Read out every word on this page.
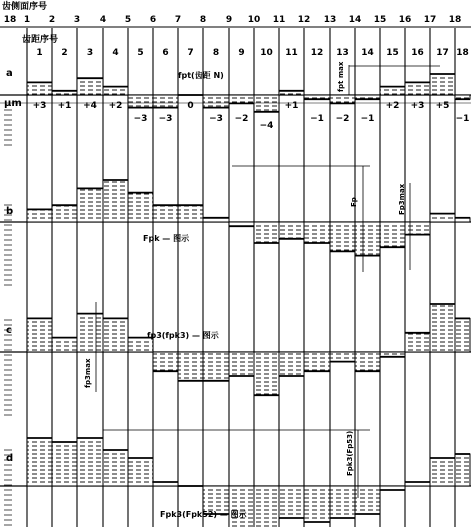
齿侧面序号
18 1 2 3 4 5 6 7 8 9 10 11 12 13 14 15 16 17 18
齿距序号
1 2 3 4 5 6 7 8 9 10 11 12 13 14 15 16 17 18
a
μm
b
c
d
+3 +1 +4 +2
−3 −3
0
−3 −2
−4
+1
−1 −2 −1
+2 +3 +5
−1
fpt(齿距 N)	fpt max
Fpk — 图示
Fp	Fp3max
fp3(fpk3) — 图示
fp3max
Fpk3(Fpk52) — 图示
Fpk3(Fp53)
